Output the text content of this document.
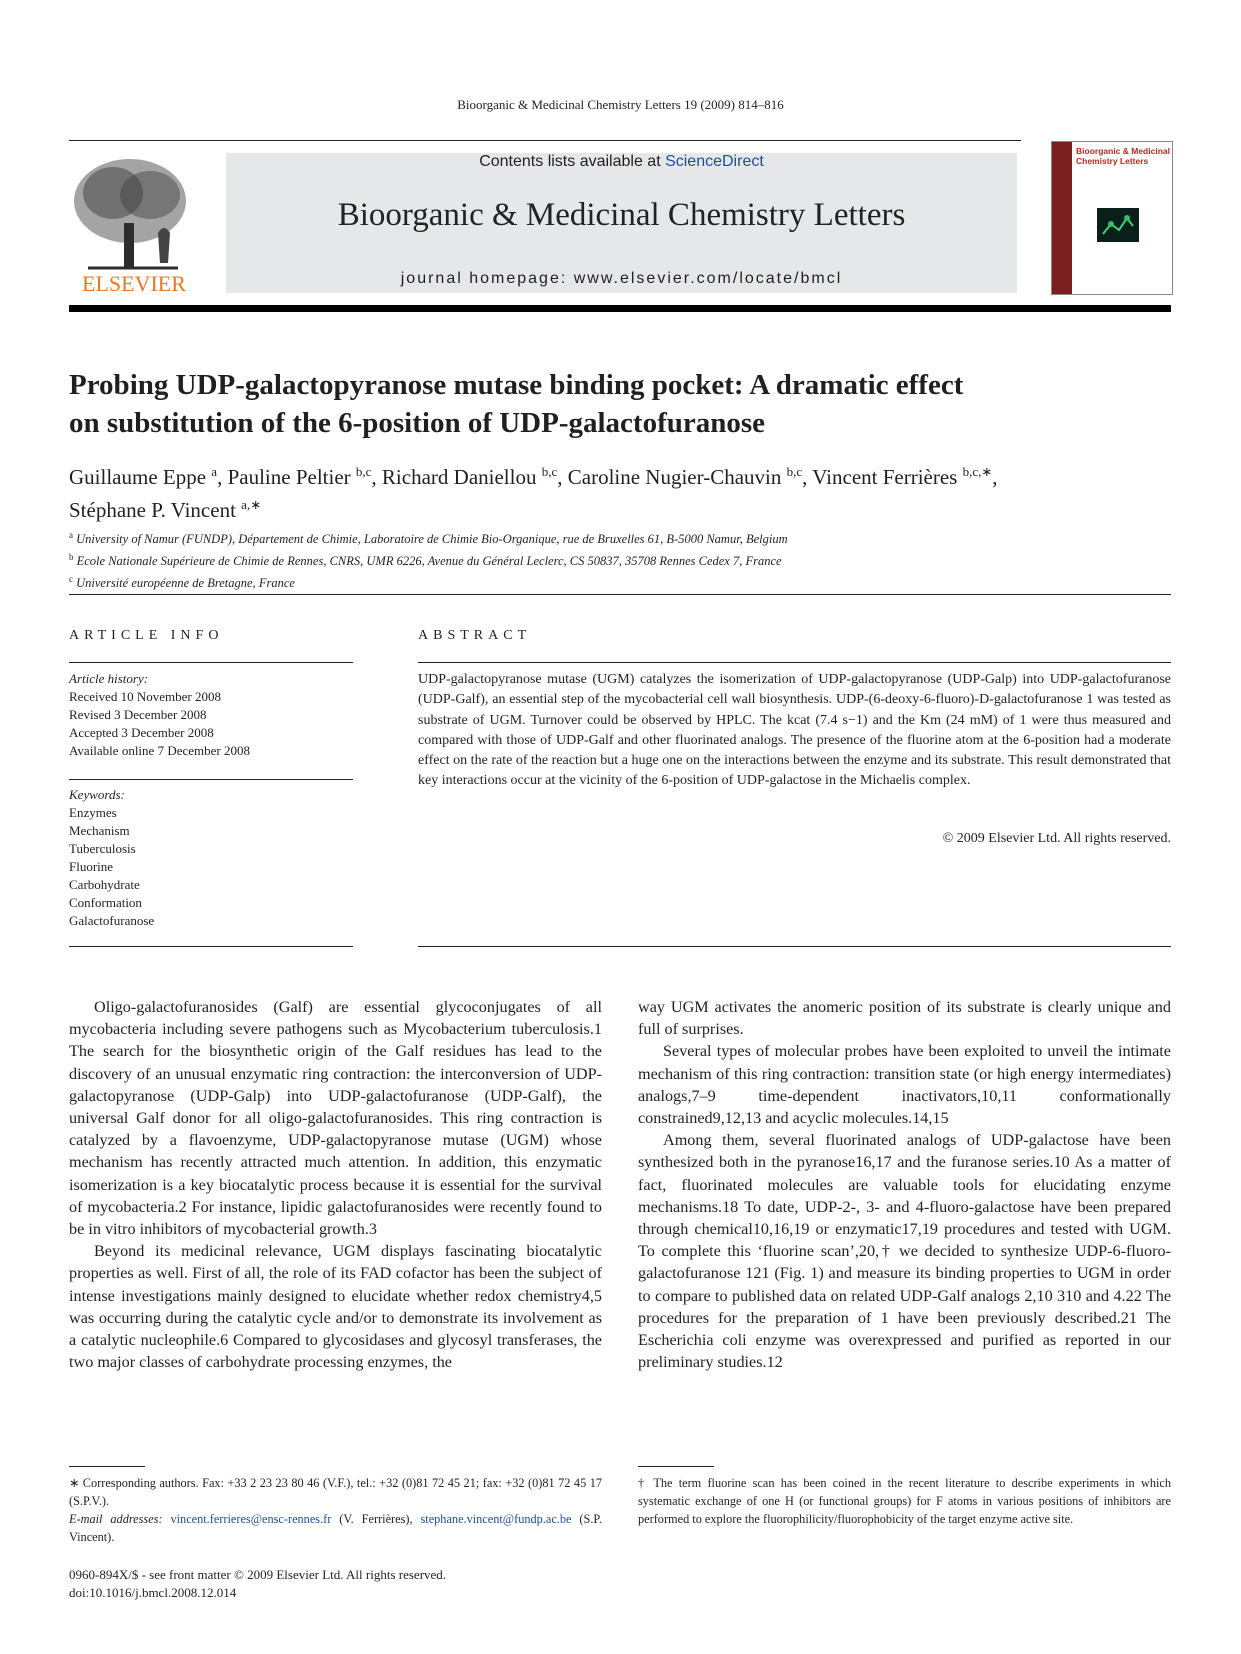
Bioorganic & Medicinal Chemistry Letters 19 (2009) 814–816
ELSEVIER
Contents lists available at ScienceDirect
Bioorganic & Medicinal Chemistry Letters
journal homepage: www.elsevier.com/locate/bmcl
Bioorganic & Medicinal Chemistry Letters
Probing UDP-galactopyranose mutase binding pocket: A dramatic effect
on substitution of the 6-position of UDP-galactofuranose
Guillaume Eppe $^a$, Pauline Peltier $^{b,c}$, Richard Daniellou $^{b,c}$, Caroline Nugier-Chauvin $^{b,c}$, Vincent Ferrières $^{b,c,∗}$,
Stéphane P. Vincent $^{a,∗}$
$^a$ University of Namur (FUNDP), Département de Chimie, Laboratoire de Chimie Bio-Organique, rue de Bruxelles 61, B-5000 Namur, Belgium
$^b$ Ecole Nationale Supérieure de Chimie de Rennes, CNRS, UMR 6226, Avenue du Général Leclerc, CS 50837, 35708 Rennes Cedex 7, France
$^c$ Université européenne de Bretagne, France
ARTICLE INFO
Article history:
Received 10 November 2008
Revised 3 December 2008
Accepted 3 December 2008
Available online 7 December 2008
Keywords:
Enzymes
Mechanism
Tuberculosis
Fluorine
Carbohydrate
Conformation
Galactofuranose
ABSTRACT
UDP-galactopyranose mutase (UGM) catalyzes the isomerization of UDP-galactopyranose (UDP-Galp) into UDP-galactofuranose (UDP-Galf), an essential step of the mycobacterial cell wall biosynthesis. UDP-(6-deoxy-6-fluoro)-D-galactofuranose 1 was tested as substrate of UGM. Turnover could be observed by HPLC. The kcat (7.4 s−1) and the Km (24 mM) of 1 were thus measured and compared with those of UDP-Galf and other fluorinated analogs. The presence of the fluorine atom at the 6-position had a moderate effect on the rate of the reaction but a huge one on the interactions between the enzyme and its substrate. This result demonstrated that key interactions occur at the vicinity of the 6-position of UDP-galactose in the Michaelis complex.
© 2009 Elsevier Ltd. All rights reserved.

Oligo-galactofuranosides (Galf) are essential glycoconjugates of all mycobacteria including severe pathogens such as Mycobacterium tuberculosis.1 The search for the biosynthetic origin of the Galf residues has lead to the discovery of an unusual enzymatic ring contraction: the interconversion of UDP-galactopyranose (UDP-Galp) into UDP-galactofuranose (UDP-Galf), the universal Galf donor for all oligo-galactofuranosides. This ring contraction is catalyzed by a flavoenzyme, UDP-galactopyranose mutase (UGM) whose mechanism has recently attracted much attention. In addition, this enzymatic isomerization is a key biocatalytic process because it is essential for the survival of mycobacteria.2 For instance, lipidic galactofuranosides were recently found to be in vitro inhibitors of mycobacterial growth.3

Beyond its medicinal relevance, UGM displays fascinating biocatalytic properties as well. First of all, the role of its FAD cofactor has been the subject of intense investigations mainly designed to elucidate whether redox chemistry4,5 was occurring during the catalytic cycle and/or to demonstrate its involvement as a catalytic nucleophile.6 Compared to glycosidases and glycosyl transferases, the two major classes of carbohydrate processing enzymes, the

way UGM activates the anomeric position of its substrate is clearly unique and full of surprises.

Several types of molecular probes have been exploited to unveil the intimate mechanism of this ring contraction: transition state (or high energy intermediates) analogs,7–9 time-dependent inactivators,10,11 conformationally constrained9,12,13 and acyclic molecules.14,15

Among them, several fluorinated analogs of UDP-galactose have been synthesized both in the pyranose16,17 and the furanose series.10 As a matter of fact, fluorinated molecules are valuable tools for elucidating enzyme mechanisms.18 To date, UDP-2-, 3- and 4-fluoro-galactose have been prepared through chemical10,16,19 or enzymatic17,19 procedures and tested with UGM. To complete this ‘fluorine scan’,20,† we decided to synthesize UDP-6-fluoro-galactofuranose 121 (Fig. 1) and measure its binding properties to UGM in order to compare to published data on related UDP-Galf analogs 2,10 310 and 4.22 The procedures for the preparation of 1 have been previously described.21 The Escherichia coli enzyme was overexpressed and purified as reported in our preliminary studies.12

∗ Corresponding authors. Fax: +33 2 23 23 80 46 (V.F.), tel.: +32 (0)81 72 45 21; fax: +32 (0)81 72 45 17 (S.P.V.).
E-mail addresses: vincent.ferrieres@ensc-rennes.fr (V. Ferrières), stephane.vincent@fundp.ac.be (S.P. Vincent).
† The term fluorine scan has been coined in the recent literature to describe experiments in which systematic exchange of one H (or functional groups) for F atoms in various positions of inhibitors are performed to explore the fluorophilicity/fluorophobicity of the target enzyme active site.
0960-894X/$ - see front matter © 2009 Elsevier Ltd. All rights reserved.
doi:10.1016/j.bmcl.2008.12.014
